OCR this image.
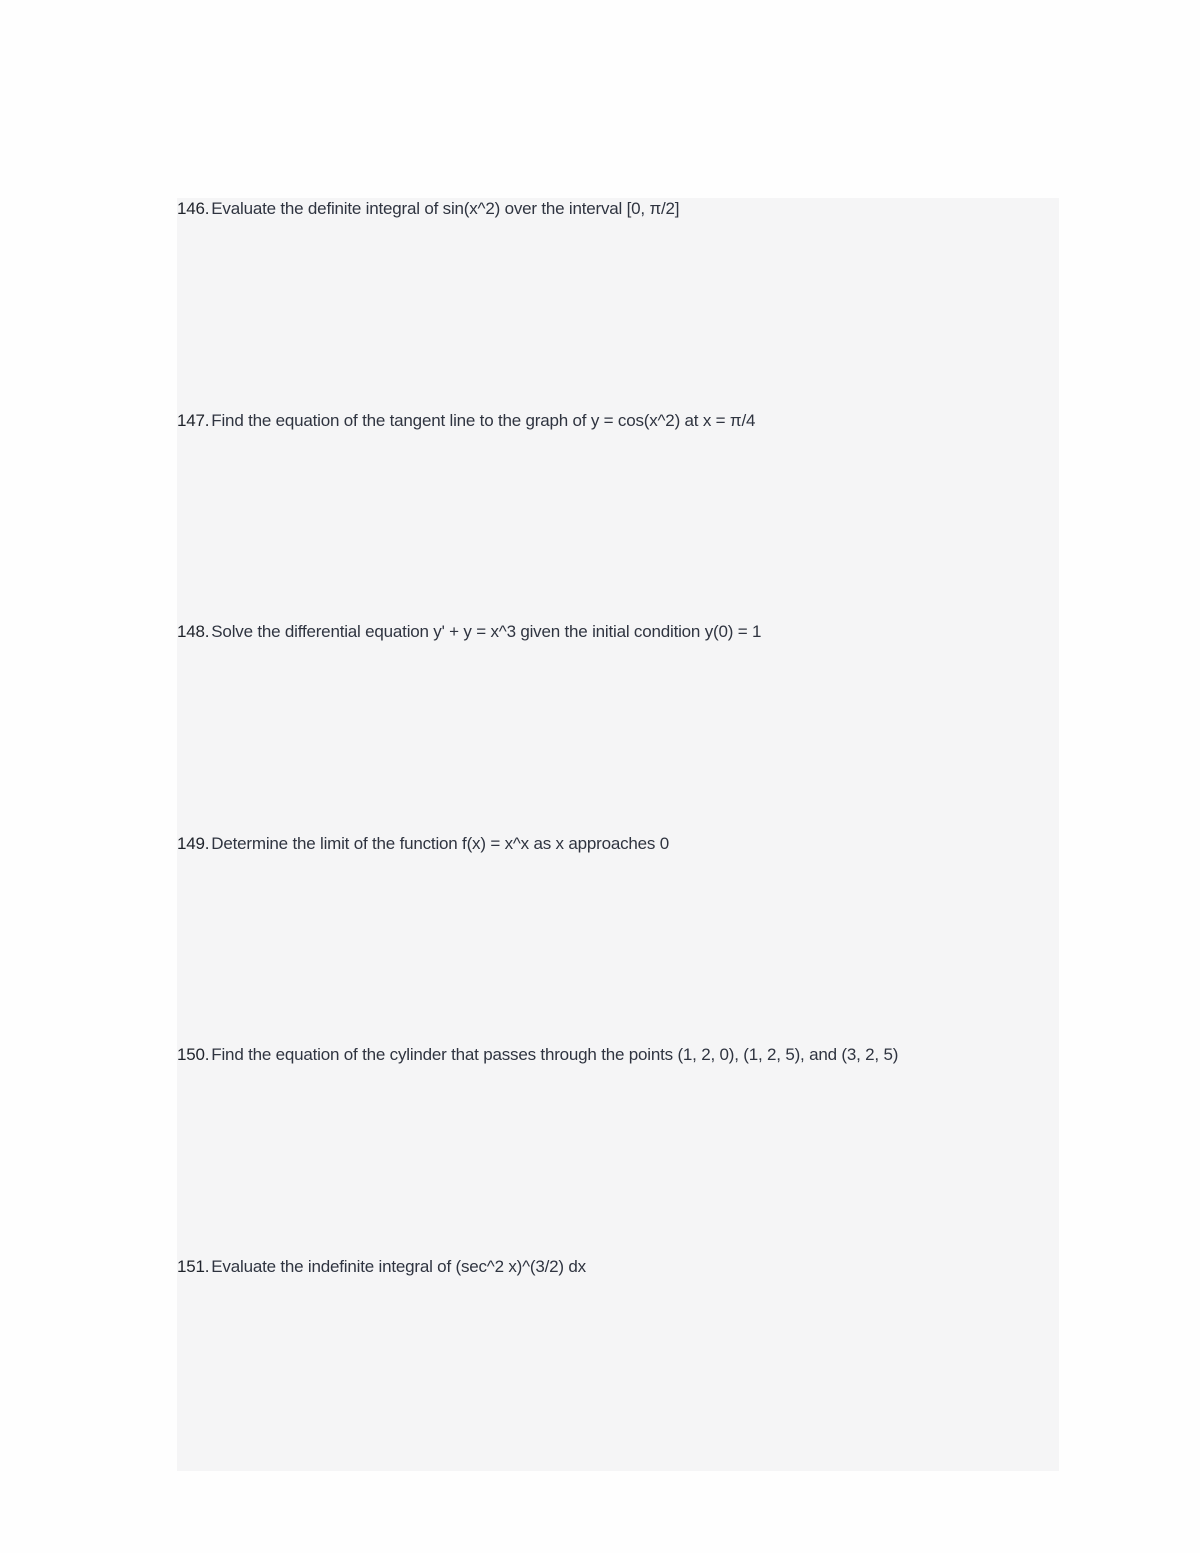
146. Evaluate the definite integral of sin(x^2) over the interval [0, π/2]
147. Find the equation of the tangent line to the graph of y = cos(x^2) at x = π/4
148. Solve the differential equation y' + y = x^3 given the initial condition y(0) = 1
149. Determine the limit of the function f(x) = x^x as x approaches 0
150. Find the equation of the cylinder that passes through the points (1, 2, 0), (1, 2, 5), and (3, 2, 5)
151. Evaluate the indefinite integral of (sec^2 x)^(3/2) dx
